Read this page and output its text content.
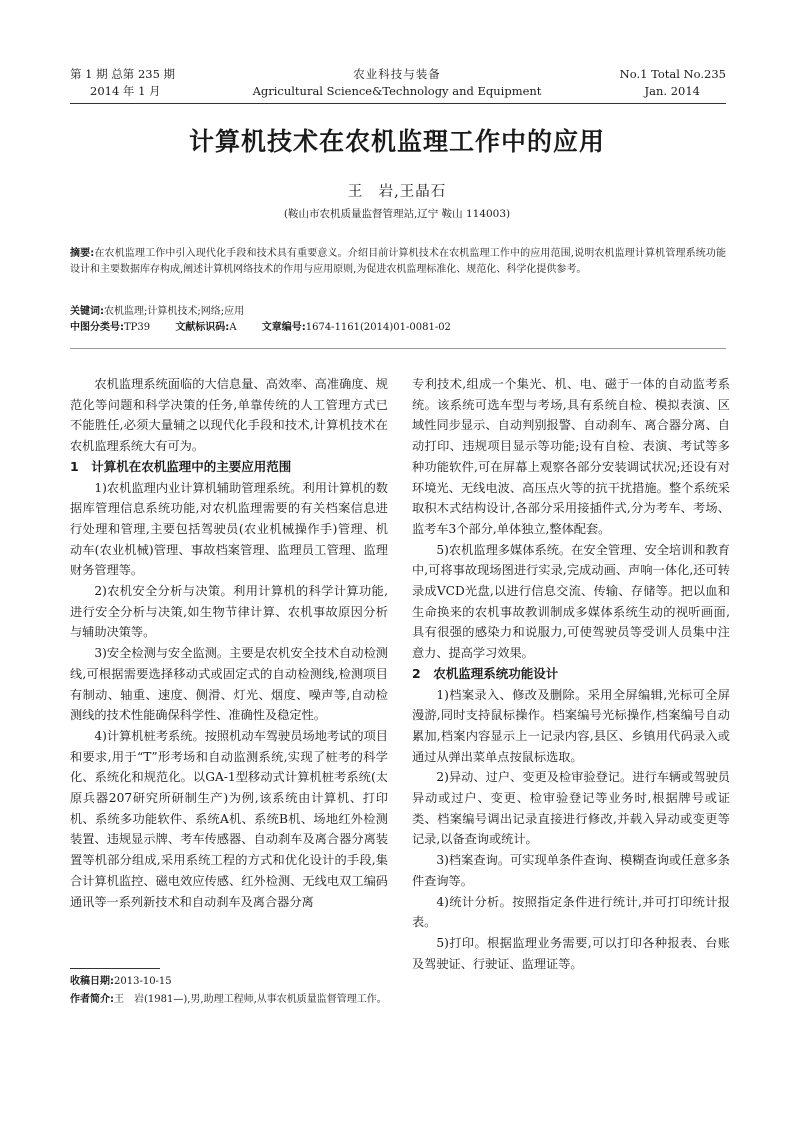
第 1 期 总第 235 期
2014 年 1 月
农业科技与装备
Agricultural Science&Technology and Equipment
No.1 Total No.235
Jan. 2014
计算机技术在农机监理工作中的应用
王　岩,王晶石
(鞍山市农机质量监督管理站,辽宁 鞍山 114003)
摘要:在农机监理工作中引入现代化手段和技术具有重要意义。介绍目前计算机技术在农机监理工作中的应用范围,说明农机监理计算机管理系统功能设计和主要数据库存构成,阐述计算机网络技术的作用与应用原则,为促进农机监理标准化、规范化、科学化提供参考。
关键词:农机监理;计算机技术;网络;应用
中图分类号:TP39	文献标识码:A	文章编号:1674-1161(2014)01-0081-02

农机监理系统面临的大信息量、高效率、高准确度、规范化等问题和科学决策的任务,单靠传统的人工管理方式已不能胜任,必须大量辅之以现代化手段和技术,计算机技术在农机监理系统大有可为。

1　计算机在农机监理中的主要应用范围

1)农机监理内业计算机辅助管理系统。利用计算机的数据库管理信息系统功能,对农机监理需要的有关档案信息进行处理和管理,主要包括驾驶员(农业机械操作手)管理、机动车(农业机械)管理、事故档案管理、监理员工管理、监理财务管理等。

2)农机安全分析与决策。利用计算机的科学计算功能,进行安全分析与决策,如生物节律计算、农机事故原因分析与辅助决策等。

3)安全检测与安全监测。主要是农机安全技术自动检测线,可根据需要选择移动式或固定式的自动检测线,检测项目有制动、轴重、速度、侧滑、灯光、烟度、噪声等,自动检测线的技术性能确保科学性、准确性及稳定性。

4)计算机桩考系统。按照机动车驾驶员场地考试的项目和要求,用于“T”形考场和自动监测系统,实现了桩考的科学化、系统化和规范化。以GA-1型移动式计算机桩考系统(太原兵器207研究所研制生产)为例,该系统由计算机、打印机、系统多功能软件、系统A机、系统B机、场地红外检测装置、违规显示牌、考车传感器、自动刹车及离合器分离装置等机部分组成,采用系统工程的方式和优化设计的手段,集合计算机监控、磁电效应传感、红外检测、无线电双工编码通讯等一系列新技术和自动刹车及离合器分离

专利技术,组成一个集光、机、电、磁于一体的自动监考系统。该系统可选车型与考场,具有系统自检、模拟表演、区域性同步显示、自动判别报警、自动刹车、离合器分离、自动打印、违规项目显示等功能;设有自检、表演、考试等多种功能软件,可在屏幕上观察各部分安装调试状况;还设有对环境光、无线电波、高压点火等的抗干扰措施。整个系统采取积木式结构设计,各部分采用接插件式,分为考车、考场、监考车3个部分,单体独立,整体配套。

5)农机监理多媒体系统。在安全管理、安全培训和教育中,可将事故现场图进行实录,完成动画、声响一体化,还可转录成VCD光盘,以进行信息交流、传输、存储等。把以血和生命换来的农机事故教训制成多媒体系统生动的视听画面,具有很强的感染力和说服力,可使驾驶员等受训人员集中注意力、提高学习效果。

2　农机监理系统功能设计

1)档案录入、修改及删除。采用全屏编辑,光标可全屏漫游,同时支持鼠标操作。档案编号光标操作,档案编号自动累加,档案内容显示上一记录内容,县区、乡镇用代码录入或通过从弹出菜单点按鼠标选取。

2)异动、过户、变更及检审验登记。进行车辆或驾驶员异动或过户、变更、检审验登记等业务时,根据牌号或证类、档案编号调出记录直接进行修改,并载入异动或变更等记录,以备查询或统计。

3)档案查询。可实现单条件查询、模糊查询或任意多条件查询等。

4)统计分析。按照指定条件进行统计,并可打印统计报表。

5)打印。根据监理业务需要,可以打印各种报表、台账及驾驶证、行驶证、监理证等。

收稿日期:2013-10-15
作者简介:王　岩(1981—),男,助理工程师,从事农机质量监督管理工作。
